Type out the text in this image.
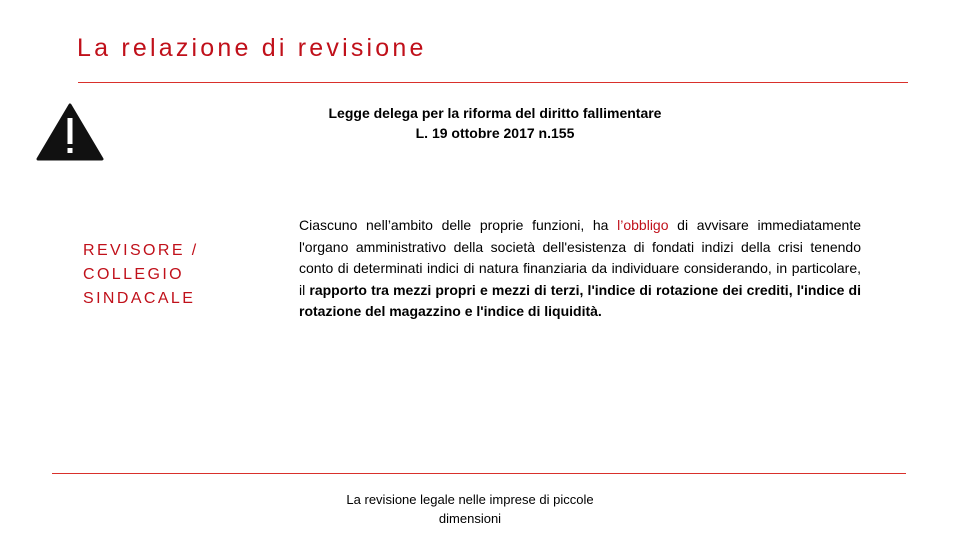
La relazione di revisione
Legge delega per la riforma del diritto fallimentare
L. 19 ottobre 2017 n.155
REVISORE /
COLLEGIO
SINDACALE
Ciascuno nell’ambito delle proprie funzioni, ha l’obbligo di avvisare immediatamente l'organo amministrativo della società dell'esistenza di fondati indizi della crisi tenendo conto di determinati indici di natura finanziaria da individuare considerando, in particolare, il rapporto tra mezzi propri e mezzi di terzi, l'indice di rotazione dei crediti, l'indice di rotazione del magazzino e l'indice di liquidità.
La revisione legale nelle imprese di piccole
dimensioni
